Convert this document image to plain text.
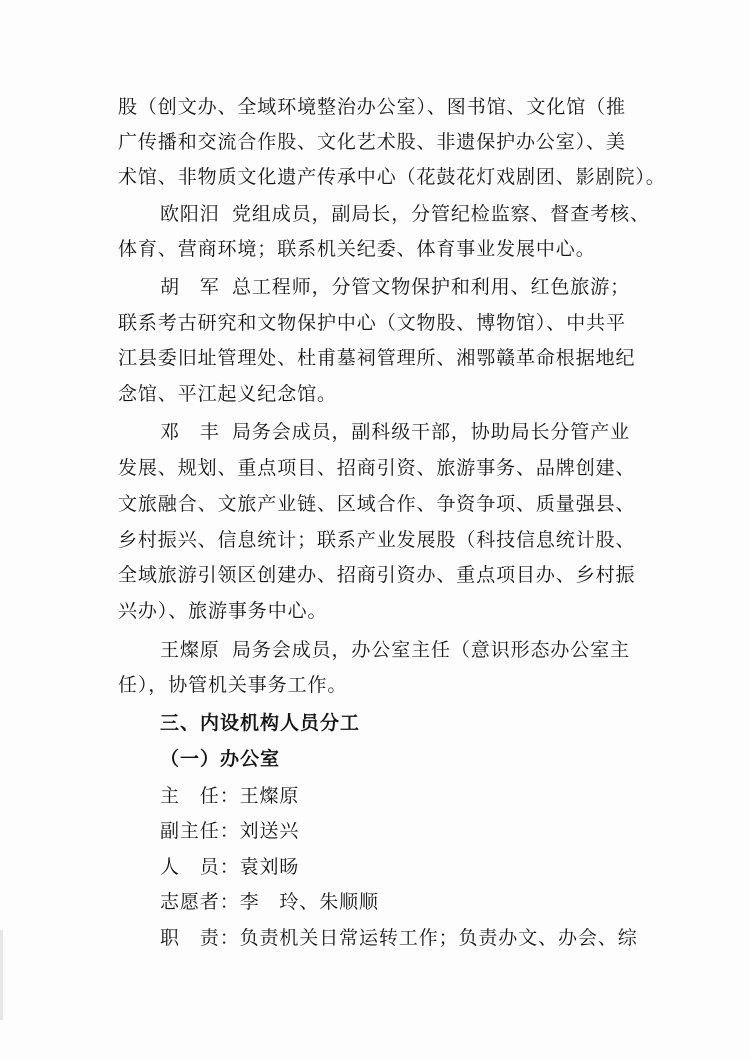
股（创文办、全域环境整治办公室）、图书馆、文化馆（推
广传播和交流合作股、文化艺术股、非遗保护办公室）、美
术馆、非物质文化遗产传承中心（花鼓花灯戏剧团、影剧院）。
欧阳汨 党组成员，副局长，分管纪检监察、督查考核、
体育、营商环境；联系机关纪委、体育事业发展中心。
胡　军 总工程师，分管文物保护和利用、红色旅游；
联系考古研究和文物保护中心（文物股、博物馆）、中共平
江县委旧址管理处、杜甫墓祠管理所、湘鄂赣革命根据地纪
念馆、平江起义纪念馆。
邓　丰 局务会成员，副科级干部，协助局长分管产业
发展、规划、重点项目、招商引资、旅游事务、品牌创建、
文旅融合、文旅产业链、区域合作、争资争项、质量强县、
乡村振兴、信息统计；联系产业发展股（科技信息统计股、
全域旅游引领区创建办、招商引资办、重点项目办、乡村振
兴办）、旅游事务中心。
王燦原 局务会成员，办公室主任（意识形态办公室主
任），协管机关事务工作。
三、内设机构人员分工
（一）办公室
主　任：王燦原
副主任：刘送兴
人　员：袁刘旸
志愿者：李　玲、朱顺顺
职　责：负责机关日常运转工作；负责办文、办会、综
